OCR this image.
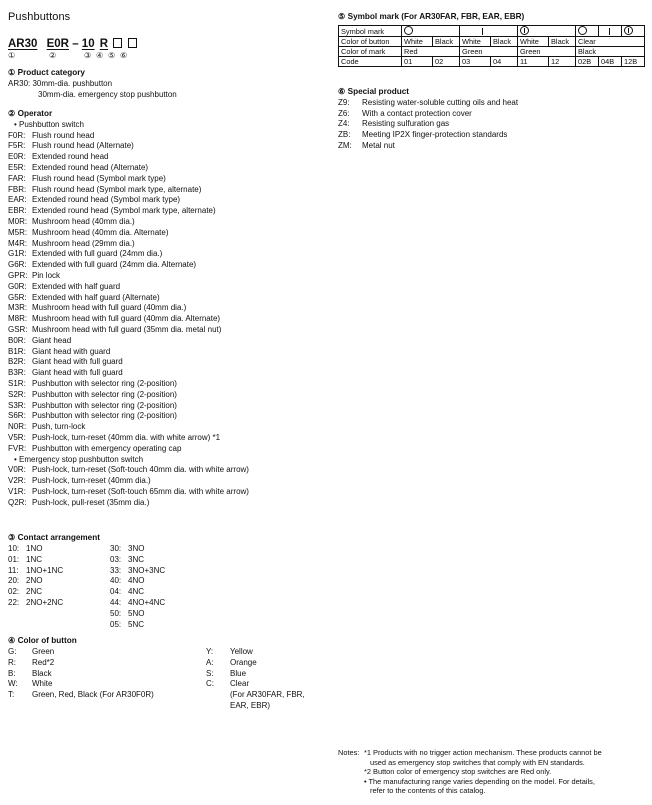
Pushbuttons
AR30 E0R – 10 R
①	②	③ ④ ⑤ ⑥
① Product category
AR30: 30mm-dia. pushbutton
30mm-dia. emergency stop pushbutton
② Operator
• Pushbutton switch
F0R: Flush round head
F5R: Flush round head (Alternate)
E0R: Extended round head
E5R: Extended round head (Alternate)
FAR: Flush round head (Symbol mark type)
FBR: Flush round head (Symbol mark type, alternate)
EAR: Extended round head (Symbol mark type)
EBR: Extended round head (Symbol mark type, alternate)
M0R: Mushroom head (40mm dia.)
M5R: Mushroom head (40mm dia. Alternate)
M4R: Mushroom head (29mm dia.)
G1R: Extended with full guard (24mm dia.)
G6R: Extended with full guard (24mm dia. Alternate)
GPR: Pin lock
G0R: Extended with half guard
G5R: Extended with half guard (Alternate)
M3R: Mushroom head with full guard (40mm dia.)
M8R: Mushroom head with full guard (40mm dia. Alternate)
GSR: Mushroom head with full guard (35mm dia. metal nut)
B0R: Giant head
B1R: Giant head with guard
B2R: Giant head with full guard
B3R: Giant head with full guard
S1R: Pushbutton with selector ring (2-position)
S2R: Pushbutton with selector ring (2-position)
S3R: Pushbutton with selector ring (2-position)
S6R: Pushbutton with selector ring (2-position)
N0R: Push, turn-lock
V5R: Push-lock, turn-reset (40mm dia. with white arrow) *1
FVR: Pushbutton with emergency operating cap
• Emergency stop pushbutton switch
V0R: Push-lock, turn-reset (Soft-touch 40mm dia. with white arrow)
V2R: Push-lock, turn-reset (40mm dia.)
V1R: Push-lock, turn-reset (Soft-touch 65mm dia. with white arrow)
Q2R: Push-lock, pull-reset (35mm dia.)
③ Contact arrangement
10: 1NO
01: 1NC
11: 1NO+1NC
20: 2NO
02: 2NC
22: 2NO+2NC
30: 3NO
03: 3NC
33: 3NO+3NC
40: 4NO
04: 4NC
44: 4NO+4NC
50: 5NO
05: 5NC
④ Color of button
G: Green
R: Red*2
B: Black
W: White
T: Green, Red, Black (For AR30F0R)
Y: Yellow
A: Orange
S: Blue
C: Clear
(For AR30FAR, FBR,
EAR, EBR)
⑤ Symbol mark (For AR30FAR, FBR, EAR, EBR)
Symbol mark									
Color of button	White	Black	White	Black	White	Black	Clear		
Color of mark	Red		Green		Green		Black		
Code	01	02	03	04	11	12	02B	04B	12B
⑥ Special product
Z9: Resisting water-soluble cutting oils and heat
Z6: With a contact protection cover
Z4: Resisting sulfuration gas
ZB: Meeting IP2X finger-protection standards
ZM: Metal nut
Notes: *1 Products with no trigger action mechanism. These products cannot be
used as emergency stop switches that comply with EN standards.
*2 Button color of emergency stop switches are Red only.
• The manufacturing range varies depending on the model. For details,
refer to the contents of this catalog.
